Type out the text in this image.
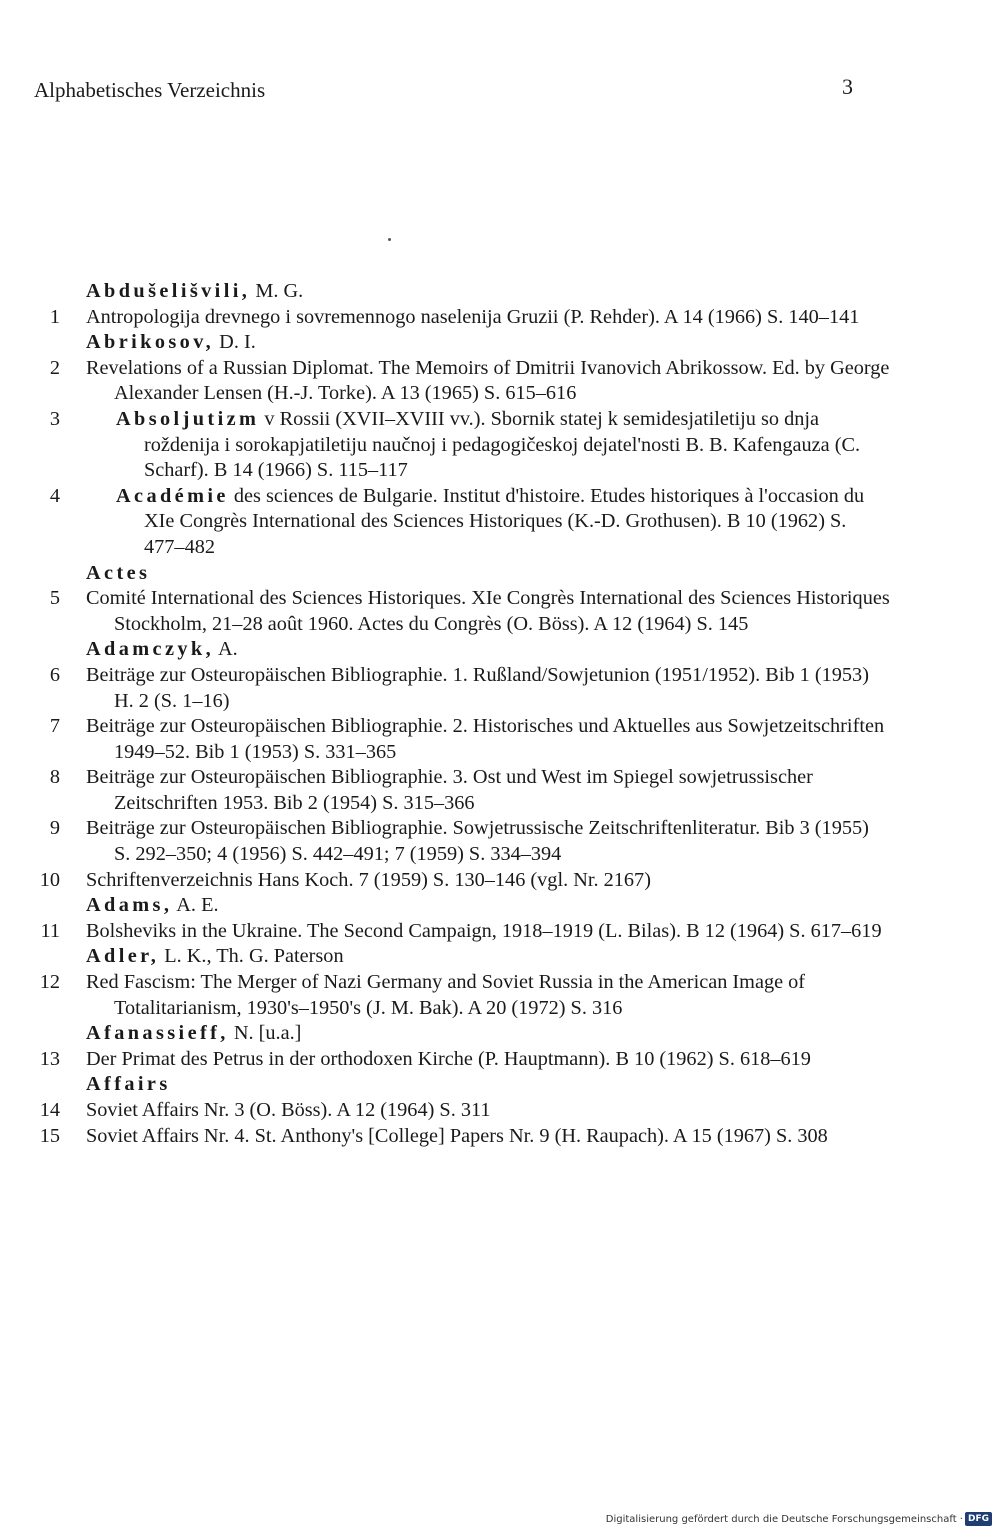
Alphabetisches Verzeichnis	3
Abdušelišvili, M. G.
1	Antropologija drevnego i sovremennogo naselenija Gruzii (P. Rehder). A 14 (1966) S. 140–141
Abrikosov, D. I.
2	Revelations of a Russian Diplomat. The Memoirs of Dmitrii Ivanovich Abrikossow. Ed. by George Alexander Lensen (H.-J. Torke). A 13 (1965) S. 615–616
3	Absoljutizm v Rossii (XVII–XVIII vv.). Sbornik statej k semidesjatiletiju so dnja roždenija i sorokapjatiletiju naučnoj i pedagogičeskoj dejatel'nosti B. B. Kafengauza (C. Scharf). B 14 (1966) S. 115–117
4	Académie des sciences de Bulgarie. Institut d'histoire. Etudes historiques à l'occasion du XIe Congrès International des Sciences Historiques (K.-D. Grothusen). B 10 (1962) S. 477–482
Actes
5	Comité International des Sciences Historiques. XIe Congrès International des Sciences Historiques Stockholm, 21–28 août 1960. Actes du Congrès (O. Böss). A 12 (1964) S. 145
Adamczyk, A.
6	Beiträge zur Osteuropäischen Bibliographie. 1. Rußland/Sowjetunion (1951/1952). Bib 1 (1953) H. 2 (S. 1–16)
7	Beiträge zur Osteuropäischen Bibliographie. 2. Historisches und Aktuelles aus Sowjetzeitschriften 1949–52. Bib 1 (1953) S. 331–365
8	Beiträge zur Osteuropäischen Bibliographie. 3. Ost und West im Spiegel sowjetrussischer Zeitschriften 1953. Bib 2 (1954) S. 315–366
9	Beiträge zur Osteuropäischen Bibliographie. Sowjetrussische Zeitschriftenliteratur. Bib 3 (1955) S. 292–350; 4 (1956) S. 442–491; 7 (1959) S. 334–394
10	Schriftenverzeichnis Hans Koch. 7 (1959) S. 130–146 (vgl. Nr. 2167)
Adams, A. E.
11	Bolsheviks in the Ukraine. The Second Campaign, 1918–1919 (L. Bilas). B 12 (1964) S. 617–619
Adler, L. K., Th. G. Paterson
12	Red Fascism: The Merger of Nazi Germany and Soviet Russia in the American Image of Totalitarianism, 1930's–1950's (J. M. Bak). A 20 (1972) S. 316
Afanassieff, N. [u.a.]
13	Der Primat des Petrus in der orthodoxen Kirche (P. Hauptmann). B 10 (1962) S. 618–619
Affairs
14	Soviet Affairs Nr. 3 (O. Böss). A 12 (1964) S. 311
15	Soviet Affairs Nr. 4. St. Anthony's [College] Papers Nr. 9 (H. Raupach). A 15 (1967) S. 308
Digitalisierung gefördert durch die Deutsche Forschungsgemeinschaft · DFG
